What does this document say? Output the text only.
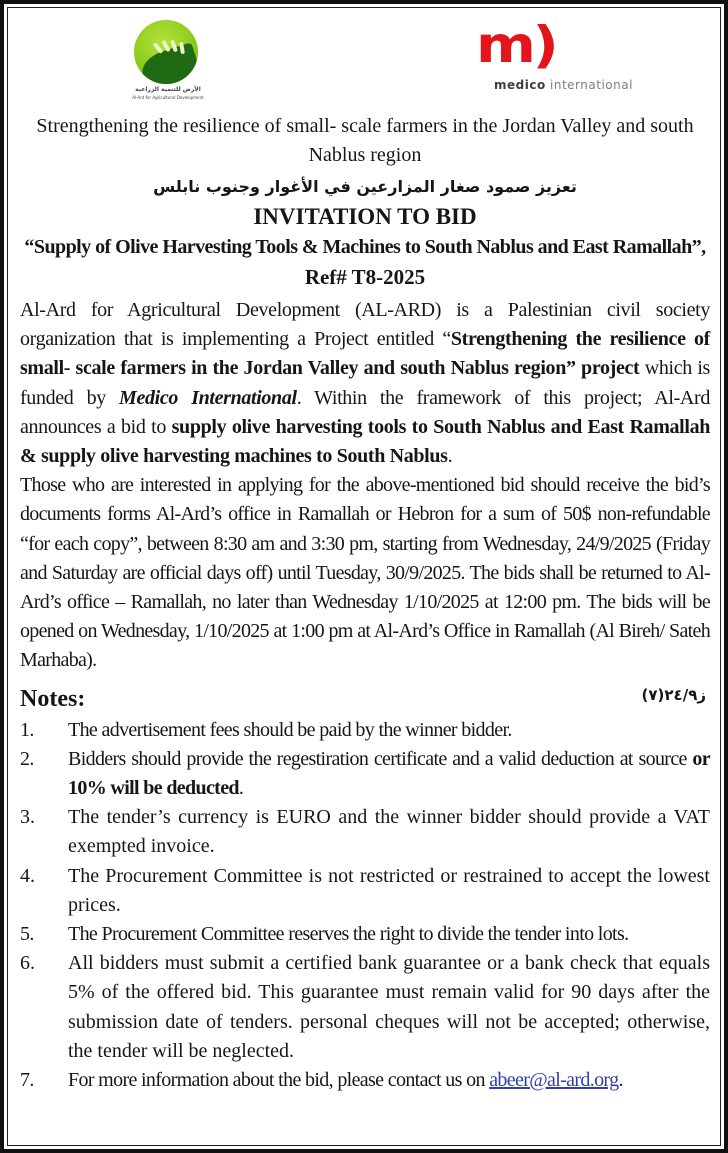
الأرض للتنمية الزراعية
Al-Ard for Agricultural Development
m)
medico international
Strengthening the resilience of small- scale farmers in the Jordan Valley and south Nablus region
تعزيز صمود صغار المزارعين في الأغوار وجنوب نابلس
INVITATION TO BID
“Supply of Olive Harvesting Tools & Machines to South Nablus and East Ramallah”,
Ref# T8-2025
Al-Ard for Agricultural Development (AL-ARD) is a Palestinian civil society organization that is implementing a Project entitled “Strengthening the resilience of small- scale farmers in the Jordan Valley and south Nablus region” project which is funded by Medico International. Within the framework of this project; Al-Ard announces a bid to supply olive harvesting tools to South Nablus and East Ramallah & supply olive harvesting machines to South Nablus.
Those who are interested in applying for the above-mentioned bid should receive the bid’s documents forms Al-Ard’s office in Ramallah or Hebron for a sum of 50$ non-refundable “for each copy”, between 8:30 am and 3:30 pm, starting from Wednesday, 24/9/2025 (Friday and Saturday are official days off) until Tuesday, 30/9/2025. The bids shall be returned to Al-Ard’s office – Ramallah, no later than Wednesday 1/10/2025 at 12:00 pm. The bids will be opened on Wednesday, 1/10/2025 at 1:00 pm at Al-Ard’s Office in Ramallah (Al Bireh/ Sateh Marhaba).
Notes:	ز٢٤/٩(٧)
1. The advertisement fees should be paid by the winner bidder.
2. Bidders should provide the regestiration certificate and a valid deduction at source or 10% will be deducted.
3. The tender’s currency is EURO and the winner bidder should provide a VAT exempted invoice.
4. The Procurement Committee is not restricted or restrained to accept the lowest prices.
5. The Procurement Committee reserves the right to divide the tender into lots.
6. All bidders must submit a certified bank guarantee or a bank check that equals 5% of the offered bid. This guarantee must remain valid for 90 days after the submission date of tenders. personal cheques will not be accepted; otherwise, the tender will be neglected.
7. For more information about the bid, please contact us on abeer@al-ard.org.
